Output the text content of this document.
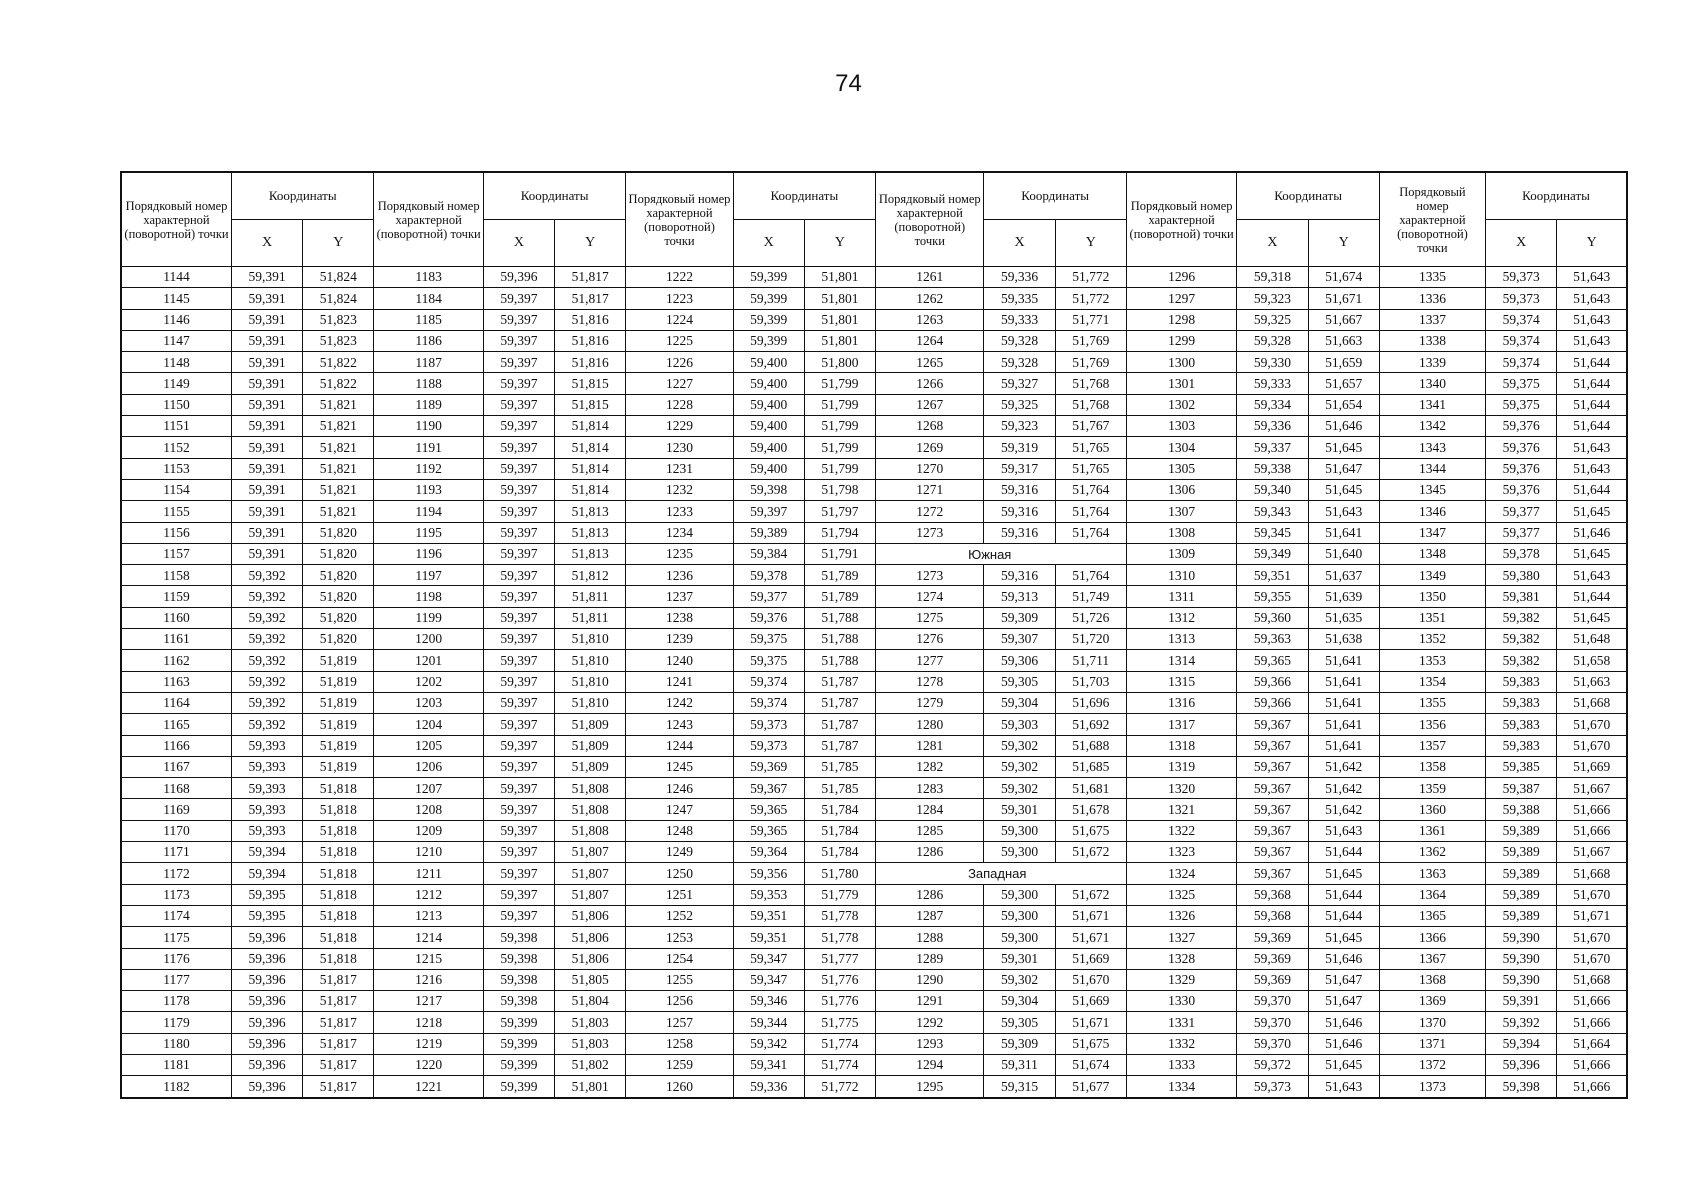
74
Порядковый номер характерной (поворотной) точки	Координаты		Порядковый номер характерной (поворотной) точки	Координаты		Порядковый номер характерной (поворотной) точки	Координаты		Порядковый номер характерной (поворотной) точки	Координаты		Порядковый номер характерной (поворотной) точки	Координаты		Порядковый номер характерной (поворотной) точки	Координаты	
	X	Y		X	Y		X	Y		X	Y		X	Y		X	Y
1144	59,391	51,824	1183	59,396	51,817	1222	59,399	51,801	1261	59,336	51,772	1296	59,318	51,674	1335	59,373	51,643
1145	59,391	51,824	1184	59,397	51,817	1223	59,399	51,801	1262	59,335	51,772	1297	59,323	51,671	1336	59,373	51,643
1146	59,391	51,823	1185	59,397	51,816	1224	59,399	51,801	1263	59,333	51,771	1298	59,325	51,667	1337	59,374	51,643
1147	59,391	51,823	1186	59,397	51,816	1225	59,399	51,801	1264	59,328	51,769	1299	59,328	51,663	1338	59,374	51,643
1148	59,391	51,822	1187	59,397	51,816	1226	59,400	51,800	1265	59,328	51,769	1300	59,330	51,659	1339	59,374	51,644
1149	59,391	51,822	1188	59,397	51,815	1227	59,400	51,799	1266	59,327	51,768	1301	59,333	51,657	1340	59,375	51,644
1150	59,391	51,821	1189	59,397	51,815	1228	59,400	51,799	1267	59,325	51,768	1302	59,334	51,654	1341	59,375	51,644
1151	59,391	51,821	1190	59,397	51,814	1229	59,400	51,799	1268	59,323	51,767	1303	59,336	51,646	1342	59,376	51,644
1152	59,391	51,821	1191	59,397	51,814	1230	59,400	51,799	1269	59,319	51,765	1304	59,337	51,645	1343	59,376	51,643
1153	59,391	51,821	1192	59,397	51,814	1231	59,400	51,799	1270	59,317	51,765	1305	59,338	51,647	1344	59,376	51,643
1154	59,391	51,821	1193	59,397	51,814	1232	59,398	51,798	1271	59,316	51,764	1306	59,340	51,645	1345	59,376	51,644
1155	59,391	51,821	1194	59,397	51,813	1233	59,397	51,797	1272	59,316	51,764	1307	59,343	51,643	1346	59,377	51,645
1156	59,391	51,820	1195	59,397	51,813	1234	59,389	51,794	1273	59,316	51,764	1308	59,345	51,641	1347	59,377	51,646
1157	59,391	51,820	1196	59,397	51,813	1235	59,384	51,791	Южная			1309	59,349	51,640	1348	59,378	51,645
1158	59,392	51,820	1197	59,397	51,812	1236	59,378	51,789	1273	59,316	51,764	1310	59,351	51,637	1349	59,380	51,643
1159	59,392	51,820	1198	59,397	51,811	1237	59,377	51,789	1274	59,313	51,749	1311	59,355	51,639	1350	59,381	51,644
1160	59,392	51,820	1199	59,397	51,811	1238	59,376	51,788	1275	59,309	51,726	1312	59,360	51,635	1351	59,382	51,645
1161	59,392	51,820	1200	59,397	51,810	1239	59,375	51,788	1276	59,307	51,720	1313	59,363	51,638	1352	59,382	51,648
1162	59,392	51,819	1201	59,397	51,810	1240	59,375	51,788	1277	59,306	51,711	1314	59,365	51,641	1353	59,382	51,658
1163	59,392	51,819	1202	59,397	51,810	1241	59,374	51,787	1278	59,305	51,703	1315	59,366	51,641	1354	59,383	51,663
1164	59,392	51,819	1203	59,397	51,810	1242	59,374	51,787	1279	59,304	51,696	1316	59,366	51,641	1355	59,383	51,668
1165	59,392	51,819	1204	59,397	51,809	1243	59,373	51,787	1280	59,303	51,692	1317	59,367	51,641	1356	59,383	51,670
1166	59,393	51,819	1205	59,397	51,809	1244	59,373	51,787	1281	59,302	51,688	1318	59,367	51,641	1357	59,383	51,670
1167	59,393	51,819	1206	59,397	51,809	1245	59,369	51,785	1282	59,302	51,685	1319	59,367	51,642	1358	59,385	51,669
1168	59,393	51,818	1207	59,397	51,808	1246	59,367	51,785	1283	59,302	51,681	1320	59,367	51,642	1359	59,387	51,667
1169	59,393	51,818	1208	59,397	51,808	1247	59,365	51,784	1284	59,301	51,678	1321	59,367	51,642	1360	59,388	51,666
1170	59,393	51,818	1209	59,397	51,808	1248	59,365	51,784	1285	59,300	51,675	1322	59,367	51,643	1361	59,389	51,666
1171	59,394	51,818	1210	59,397	51,807	1249	59,364	51,784	1286	59,300	51,672	1323	59,367	51,644	1362	59,389	51,667
1172	59,394	51,818	1211	59,397	51,807	1250	59,356	51,780	Западная			1324	59,367	51,645	1363	59,389	51,668
1173	59,395	51,818	1212	59,397	51,807	1251	59,353	51,779	1286	59,300	51,672	1325	59,368	51,644	1364	59,389	51,670
1174	59,395	51,818	1213	59,397	51,806	1252	59,351	51,778	1287	59,300	51,671	1326	59,368	51,644	1365	59,389	51,671
1175	59,396	51,818	1214	59,398	51,806	1253	59,351	51,778	1288	59,300	51,671	1327	59,369	51,645	1366	59,390	51,670
1176	59,396	51,818	1215	59,398	51,806	1254	59,347	51,777	1289	59,301	51,669	1328	59,369	51,646	1367	59,390	51,670
1177	59,396	51,817	1216	59,398	51,805	1255	59,347	51,776	1290	59,302	51,670	1329	59,369	51,647	1368	59,390	51,668
1178	59,396	51,817	1217	59,398	51,804	1256	59,346	51,776	1291	59,304	51,669	1330	59,370	51,647	1369	59,391	51,666
1179	59,396	51,817	1218	59,399	51,803	1257	59,344	51,775	1292	59,305	51,671	1331	59,370	51,646	1370	59,392	51,666
1180	59,396	51,817	1219	59,399	51,803	1258	59,342	51,774	1293	59,309	51,675	1332	59,370	51,646	1371	59,394	51,664
1181	59,396	51,817	1220	59,399	51,802	1259	59,341	51,774	1294	59,311	51,674	1333	59,372	51,645	1372	59,396	51,666
1182	59,396	51,817	1221	59,399	51,801	1260	59,336	51,772	1295	59,315	51,677	1334	59,373	51,643	1373	59,398	51,666
